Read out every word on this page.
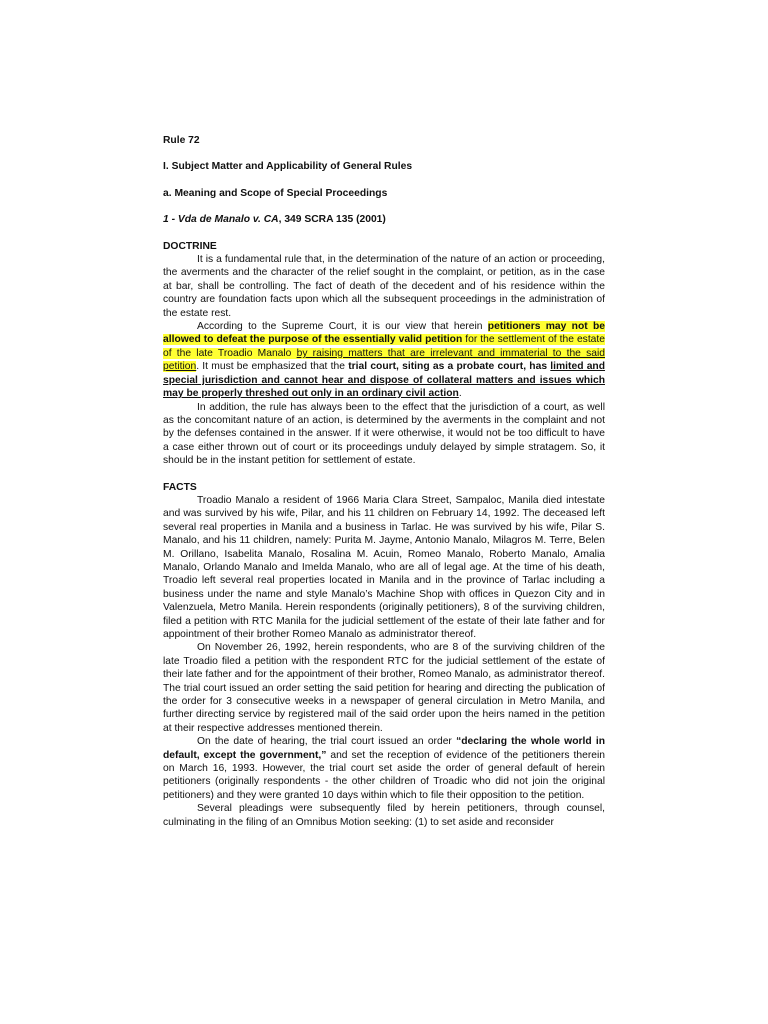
Rule 72

I. Subject Matter and Applicability of General Rules

a. Meaning and Scope of Special Proceedings

1 - Vda de Manalo v. CA, 349 SCRA 135 (2001)

DOCTRINE

It is a fundamental rule that, in the determination of the nature of an action or proceeding, the averments and the character of the relief sought in the complaint, or petition, as in the case at bar, shall be controlling. The fact of death of the decedent and of his residence within the country are foundation facts upon which all the subsequent proceedings in the administration of the estate rest.

According to the Supreme Court, it is our view that herein petitioners may not be allowed to defeat the purpose of the essentially valid petition for the settlement of the estate of the late Troadio Manalo by raising matters that are irrelevant and immaterial to the said petition. It must be emphasized that the trial court, siting as a probate court, has limited and special jurisdiction and cannot hear and dispose of collateral matters and issues which may be properly threshed out only in an ordinary civil action.

In addition, the rule has always been to the effect that the jurisdiction of a court, as well as the concomitant nature of an action, is determined by the averments in the complaint and not by the defenses contained in the answer. If it were otherwise, it would not be too difficult to have a case either thrown out of court or its proceedings unduly delayed by simple stratagem. So, it should be in the instant petition for settlement of estate.

FACTS

Troadio Manalo a resident of 1966 Maria Clara Street, Sampaloc, Manila died intestate and was survived by his wife, Pilar, and his 11 children on February 14, 1992. The deceased left several real properties in Manila and a business in Tarlac. He was survived by his wife, Pilar S. Manalo, and his 11 children, namely: Purita M. Jayme, Antonio Manalo, Milagros M. Terre, Belen M. Orillano, Isabelita Manalo, Rosalina M. Acuin, Romeo Manalo, Roberto Manalo, Amalia Manalo, Orlando Manalo and Imelda Manalo, who are all of legal age. At the time of his death, Troadio left several real properties located in Manila and in the province of Tarlac including a business under the name and style Manalo’s Machine Shop with offices in Quezon City and in Valenzuela, Metro Manila. Herein respondents (originally petitioners), 8 of the surviving children, filed a petition with RTC Manila for the judicial settlement of the estate of their late father and for appointment of their brother Romeo Manalo as administrator thereof.

On November 26, 1992, herein respondents, who are 8 of the surviving children of the late Troadio filed a petition with the respondent RTC for the judicial settlement of the estate of their late father and for the appointment of their brother, Romeo Manalo, as administrator thereof. The trial court issued an order setting the said petition for hearing and directing the publication of the order for 3 consecutive weeks in a newspaper of general circulation in Metro Manila, and further directing service by registered mail of the said order upon the heirs named in the petition at their respective addresses mentioned therein.

On the date of hearing, the trial court issued an order “declaring the whole world in default, except the government,” and set the reception of evidence of the petitioners therein on March 16, 1993. However, the trial court set aside the order of general default of herein petitioners (originally respondents - the other children of Troadic who did not join the original petitioners) and they were granted 10 days within which to file their opposition to the petition.

Several pleadings were subsequently filed by herein petitioners, through counsel, culminating in the filing of an Omnibus Motion seeking: (1) to set aside and reconsider
